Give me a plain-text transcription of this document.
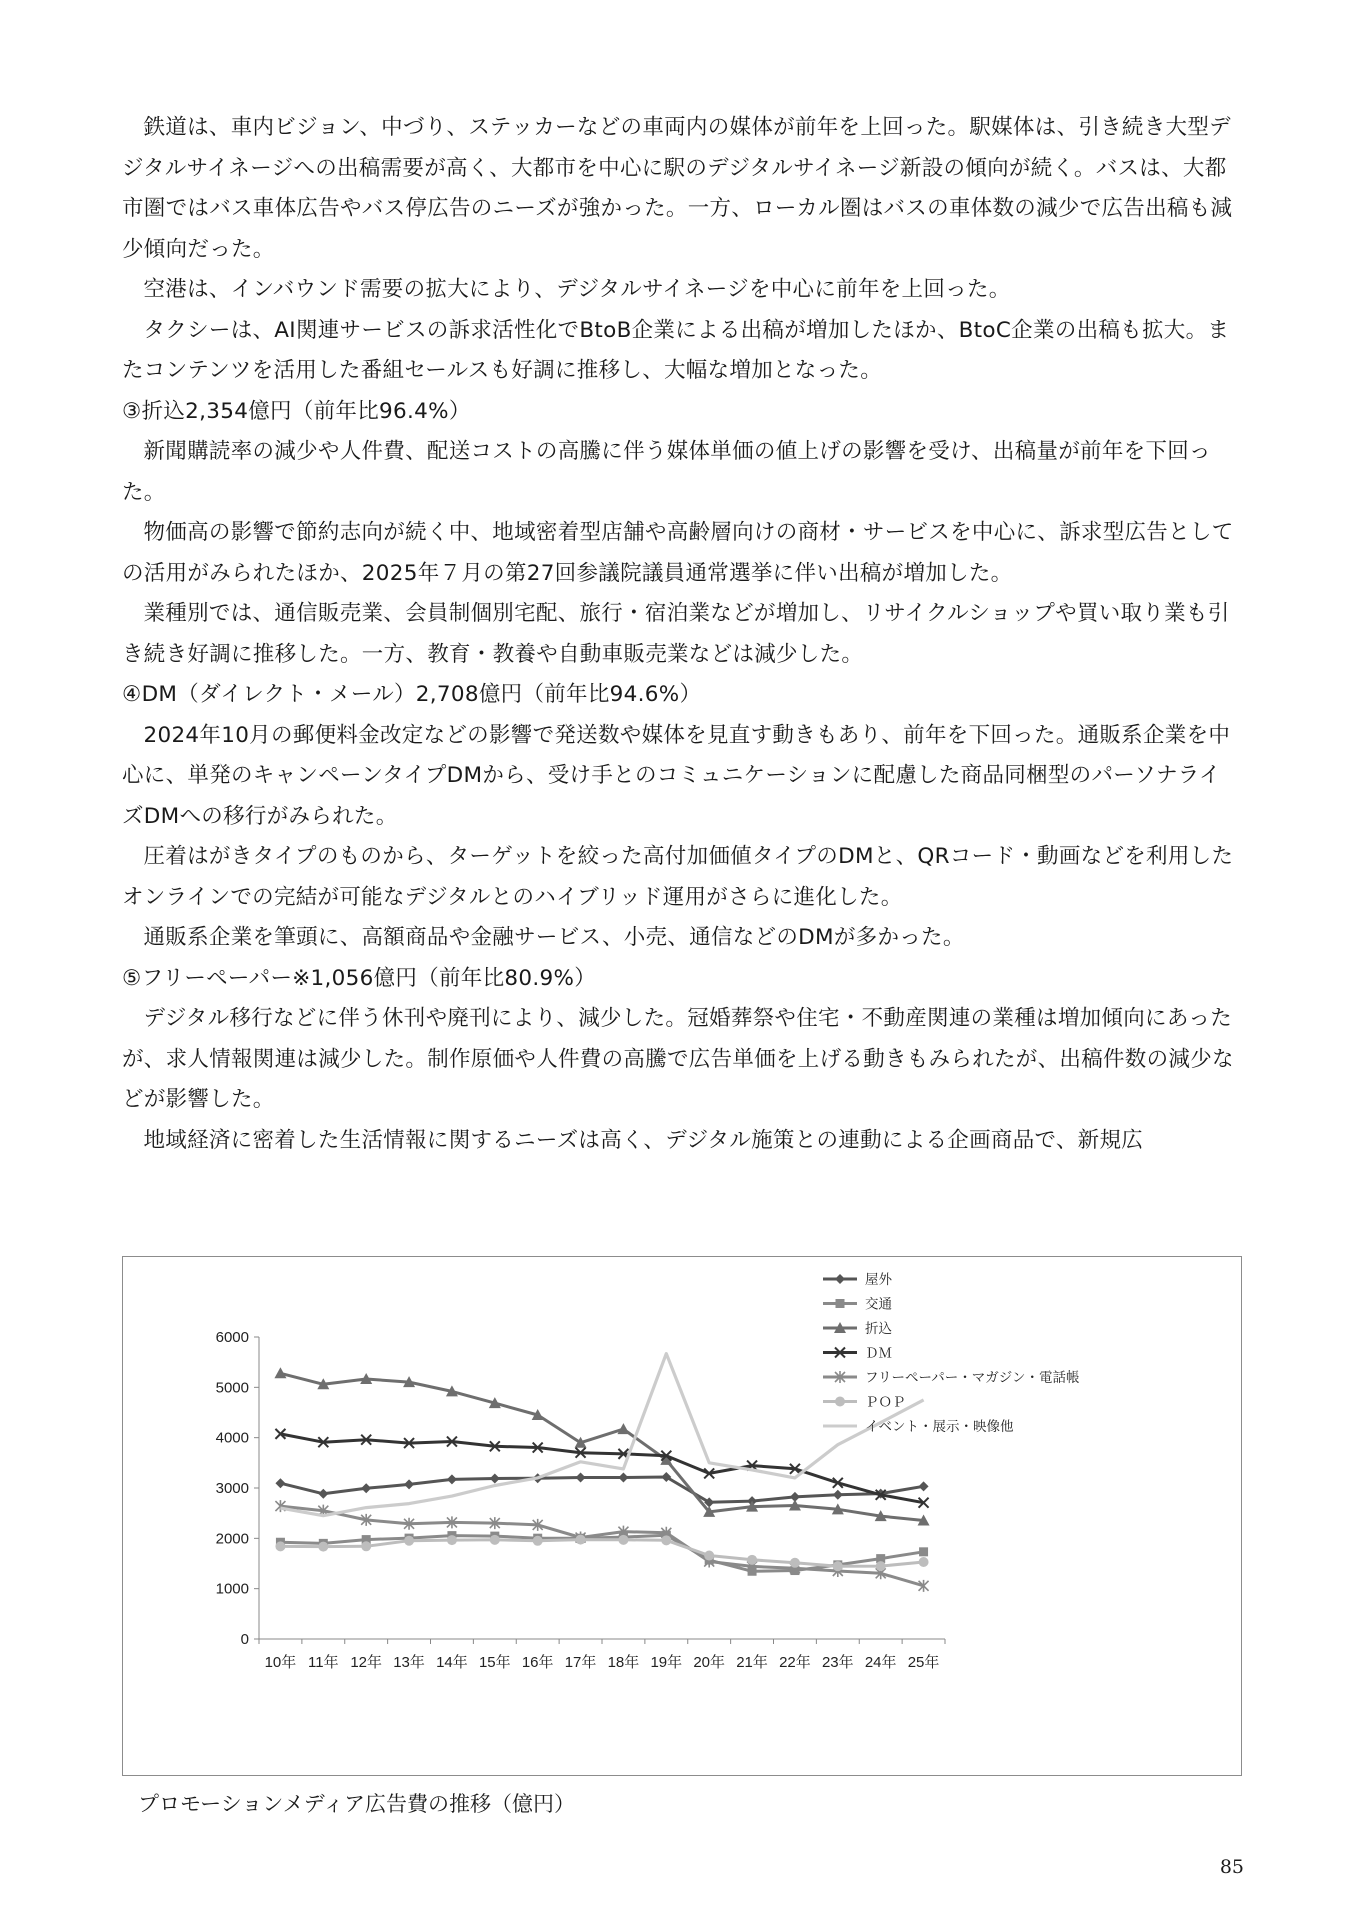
鉄道は、車内ビジョン、中づり、ステッカーなどの車両内の媒体が前年を上回った。駅媒体は、引き続き大型デジタルサイネージへの出稿需要が高く、大都市を中心に駅のデジタルサイネージ新設の傾向が続く。バスは、大都市圏ではバス車体広告やバス停広告のニーズが強かった。一方、ローカル圏はバスの車体数の減少で広告出稿も減少傾向だった。

空港は、インバウンド需要の拡大により、デジタルサイネージを中心に前年を上回った。

タクシーは、AI関連サービスの訴求活性化でBtoB企業による出稿が増加したほか、BtoC企業の出稿も拡大。またコンテンツを活用した番組セールスも好調に推移し、大幅な増加となった。

③折込2,354億円（前年比96.4%）

新聞購読率の減少や人件費、配送コストの高騰に伴う媒体単価の値上げの影響を受け、出稿量が前年を下回った。

物価高の影響で節約志向が続く中、地域密着型店舗や高齢層向けの商材・サービスを中心に、訴求型広告としての活用がみられたほか、2025年７月の第27回参議院議員通常選挙に伴い出稿が増加した。

業種別では、通信販売業、会員制個別宅配、旅行・宿泊業などが増加し、リサイクルショップや買い取り業も引き続き好調に推移した。一方、教育・教養や自動車販売業などは減少した。

④DM（ダイレクト・メール）2,708億円（前年比94.6%）

2024年10月の郵便料金改定などの影響で発送数や媒体を見直す動きもあり、前年を下回った。通販系企業を中心に、単発のキャンペーンタイプDMから、受け手とのコミュニケーションに配慮した商品同梱型のパーソナライズDMへの移行がみられた。

圧着はがきタイプのものから、ターゲットを絞った高付加価値タイプのDMと、QRコード・動画などを利用したオンラインでの完結が可能なデジタルとのハイブリッド運用がさらに進化した。

通販系企業を筆頭に、高額商品や金融サービス、小売、通信などのDMが多かった。

⑤フリーペーパー※1,056億円（前年比80.9%）

デジタル移行などに伴う休刊や廃刊により、減少した。冠婚葬祭や住宅・不動産関連の業種は増加傾向にあったが、求人情報関連は減少した。制作原価や人件費の高騰で広告単価を上げる動きもみられたが、出稿件数の減少などが影響した。

地域経済に密着した生活情報に関するニーズは高く、デジタル施策との連動による企画商品で、新規広

0
1000
2000
3000
4000
5000
6000
10年 11年 12年 13年 14年 15年 16年 17年 18年 19年 20年 21年 22年 23年 24年 25年
屋外
交通
折込
ＤＭ
フリーペーパー・マガジン・電話帳
ＰＯＰ
イベント・展示・映像他

プロモーションメディア広告費の推移（億円）

85
